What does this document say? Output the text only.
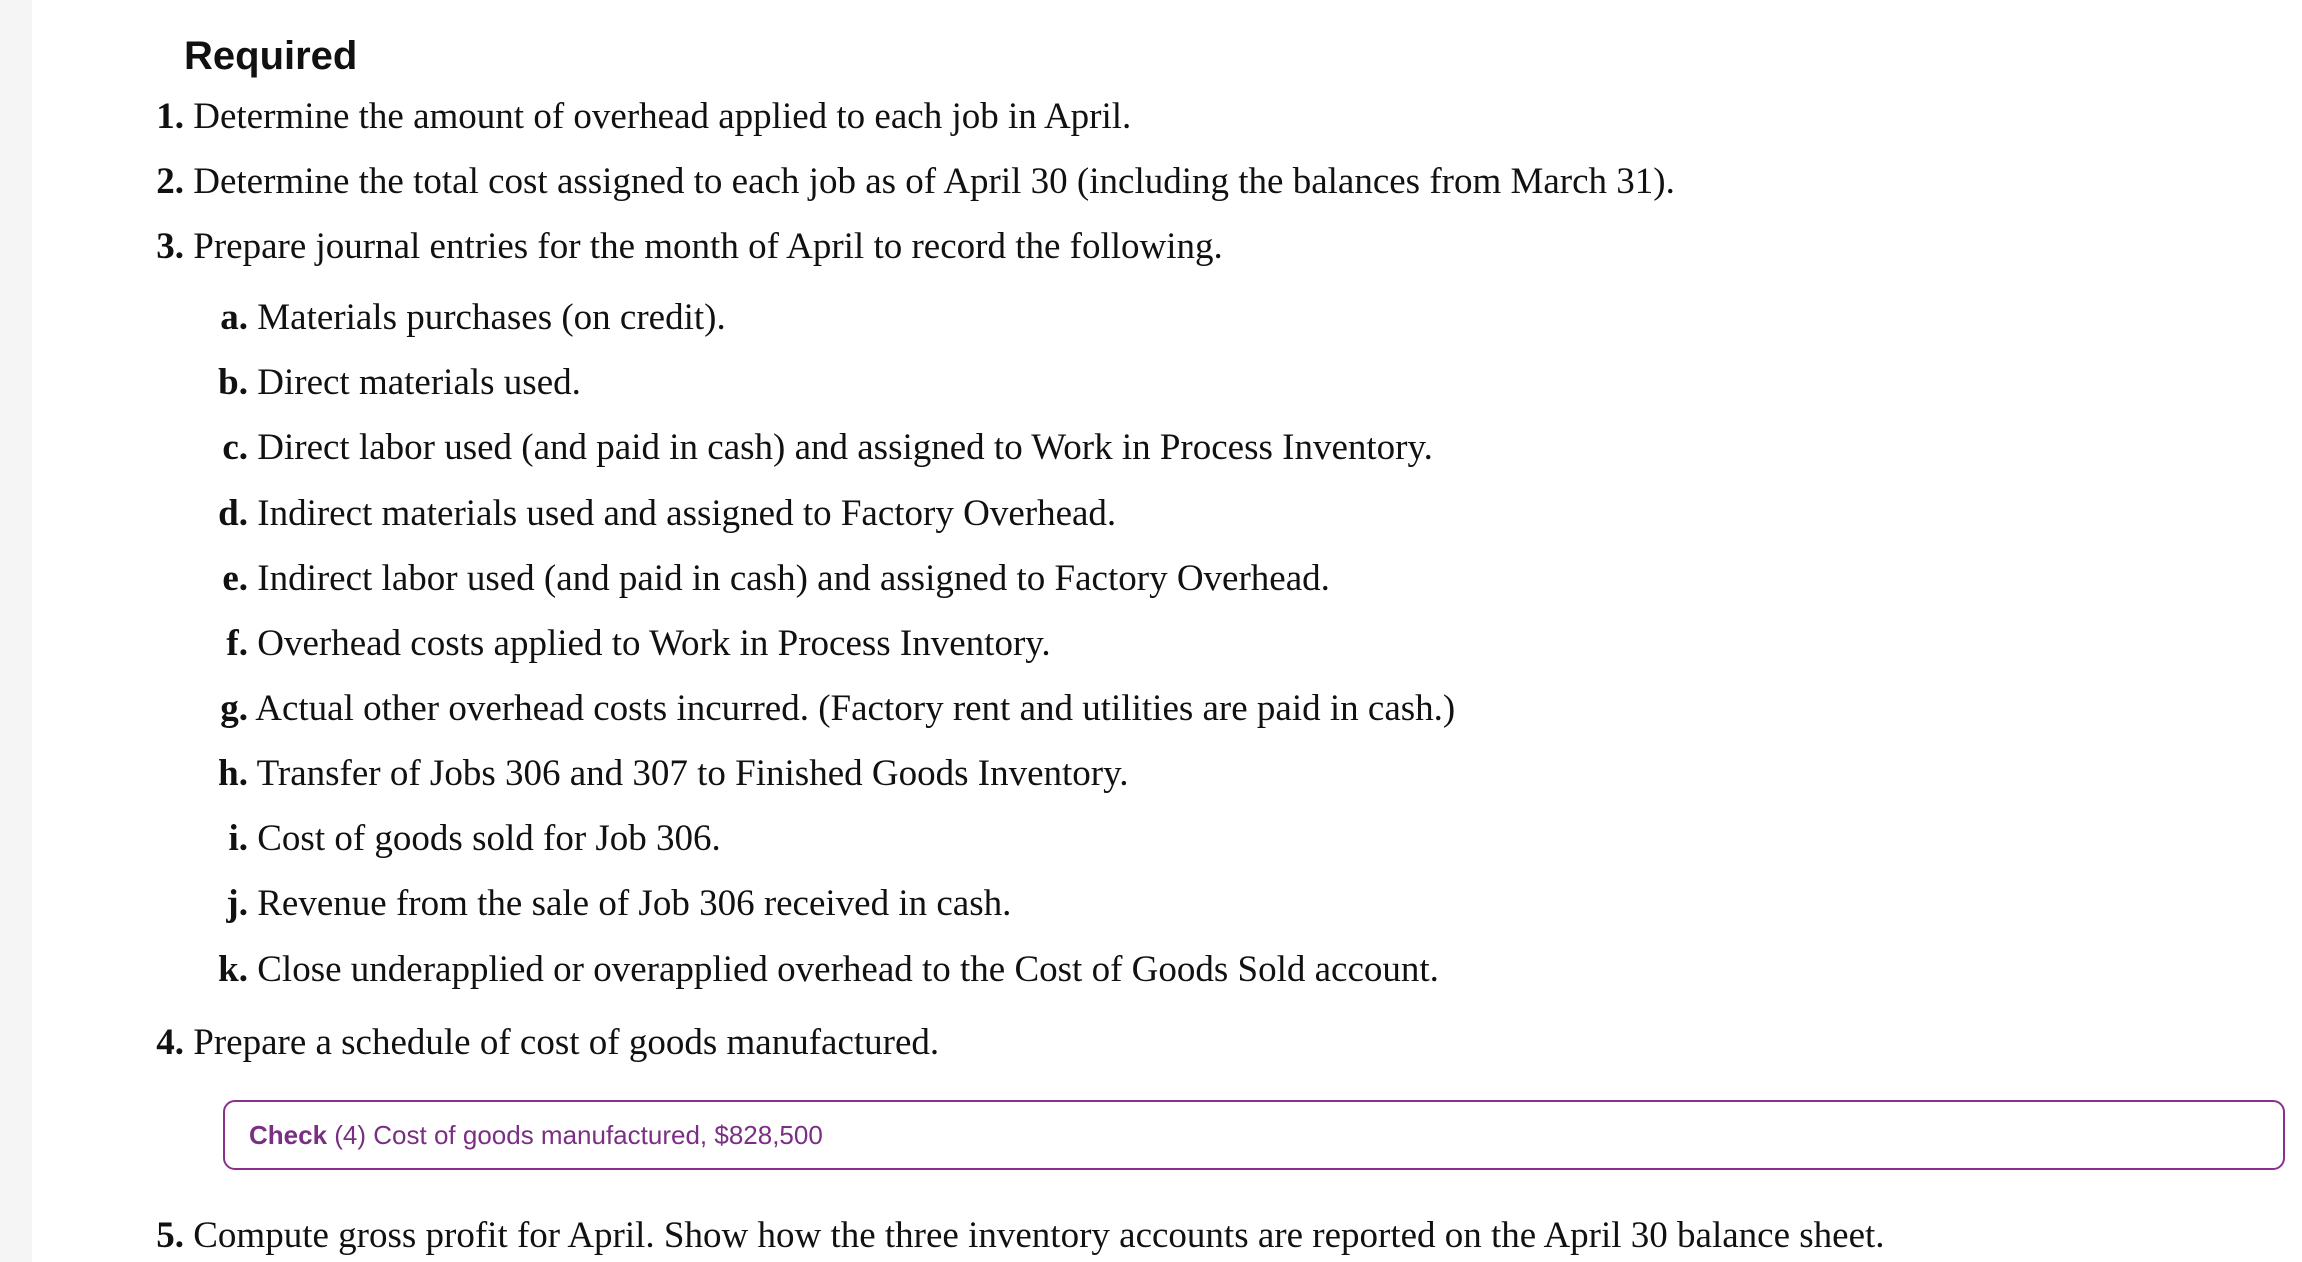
Required
1. Determine the amount of overhead applied to each job in April.
2. Determine the total cost assigned to each job as of April 30 (including the balances from March 31).
3. Prepare journal entries for the month of April to record the following.
a. Materials purchases (on credit).
b. Direct materials used.
c. Direct labor used (and paid in cash) and assigned to Work in Process Inventory.
d. Indirect materials used and assigned to Factory Overhead.
e. Indirect labor used (and paid in cash) and assigned to Factory Overhead.
f. Overhead costs applied to Work in Process Inventory.
g. Actual other overhead costs incurred. (Factory rent and utilities are paid in cash.)
h. Transfer of Jobs 306 and 307 to Finished Goods Inventory.
i. Cost of goods sold for Job 306.
j. Revenue from the sale of Job 306 received in cash.
k. Close underapplied or overapplied overhead to the Cost of Goods Sold account.
4. Prepare a schedule of cost of goods manufactured.
Check (4) Cost of goods manufactured, $828,500
5. Compute gross profit for April. Show how the three inventory accounts are reported on the April 30 balance sheet.
